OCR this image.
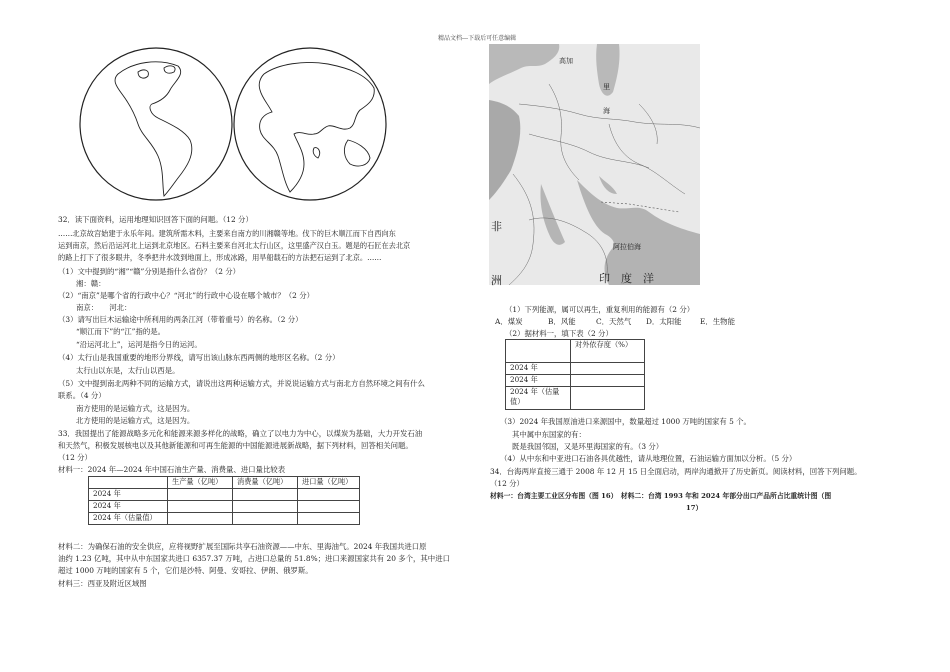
精品文档---下载后可任意编辑
32．读下面资料，运用地理知识回答下面的问题。（12 分）
……北京故宫始建于永乐年间。建筑所需木料，主要来自南方的川湘赣等地。伐下的巨木顺江而下自西向东
运到南京，然后沿运河北上运到北京地区。石料主要来自河北太行山区，这里盛产汉白玉。题是的石匠在去北京
的路上打下了很多眼井，冬季把井水泼到地面上，形成冰路，用旱船载石的方法把石运到了北京。……
（1）文中提到的“湘”“赣”分别是指什么省份？（2 分）
湘：赣：
（2）“南京”是哪个省的行政中心？“河北”的行政中心设在哪个城市？（2 分）
南京：　　河北：
（3）请写出巨木运输途中所利用的两条江河（带着重号）的名称。（2 分）
“顺江而下”的“江”指的是。
“沿运河北上”，运河是指今日的运河。
（4）太行山是我国重要的地形分界线，请写出该山脉东西两侧的地形区名称。（2 分）
太行山以东是，太行山以西是。
（5）文中提到南北两种不同的运输方式，请说出这两种运输方式，并说说运输方式与南北方自然环境之间有什么
联系。（4 分）
南方使用的是运输方式，这是因为。
北方使用的是运输方式，这是因为。
33．我国提出了能源战略多元化和能源来源多样化的战略，确立了以电力为中心，以煤炭为基础，大力开发石油
和天然气，积极发展核电以及其他新能源和可再生能源的中国能源进展新战略，据下列材料，回答相关问题。
（12 分）
材料一：2024 年—2024 年中国石油生产量、消费量、进口量比较表
	生产量（亿吨）	消费量（亿吨）	进口量（亿吨）
2024 年			
2024 年			
2024 年（估量值）			
材料二：为确保石油的安全供应，应将视野扩展至国际共享石油资源——中东、里海油气。2024 年我国共进口原
油约 1.23 亿吨，其中从中东国家共进口 6357.37 万吨，占进口总量的 51.8%；进口来源国家共有 20 多个，其中进口
超过 1000 万吨的国家有 5 个，它们是沙特、阿曼、安哥拉、伊朗、俄罗斯。
材料三：西亚及附近区域图
高加
里
海
非
洲
阿拉伯海
印　度　洋
（1）下列能源，属可以再生，重复利用的能源有（2 分）
A．煤炭	B．风能	C．天然气 D．太阳能	E．生物能
（2）据材料一，填下表（2 分）
	对外依存度（%）
2024 年	
2024 年	
2024 年（估量值）	
（3）2024 年我国原油进口来源国中，数量超过 1000 万吨的国家有 5 个。
其中属中东国家的有：
既是我国邻国，又是环里海国家的有。（3 分）
（4）从中东和中亚进口石油各具优越性，请从地理位置，石油运输方面加以分析。（5 分）
34．台海两岸直接三通于 2008 年 12 月 15 日全面启动，两岸沟通掀开了历史新页。阅读材料，回答下列问题。
（12 分）
材料一：台湾主要工业区分布图（图 16）　材料二：台湾 1993 年和 2024 年部分出口产品所占比重统计图（图
17）
